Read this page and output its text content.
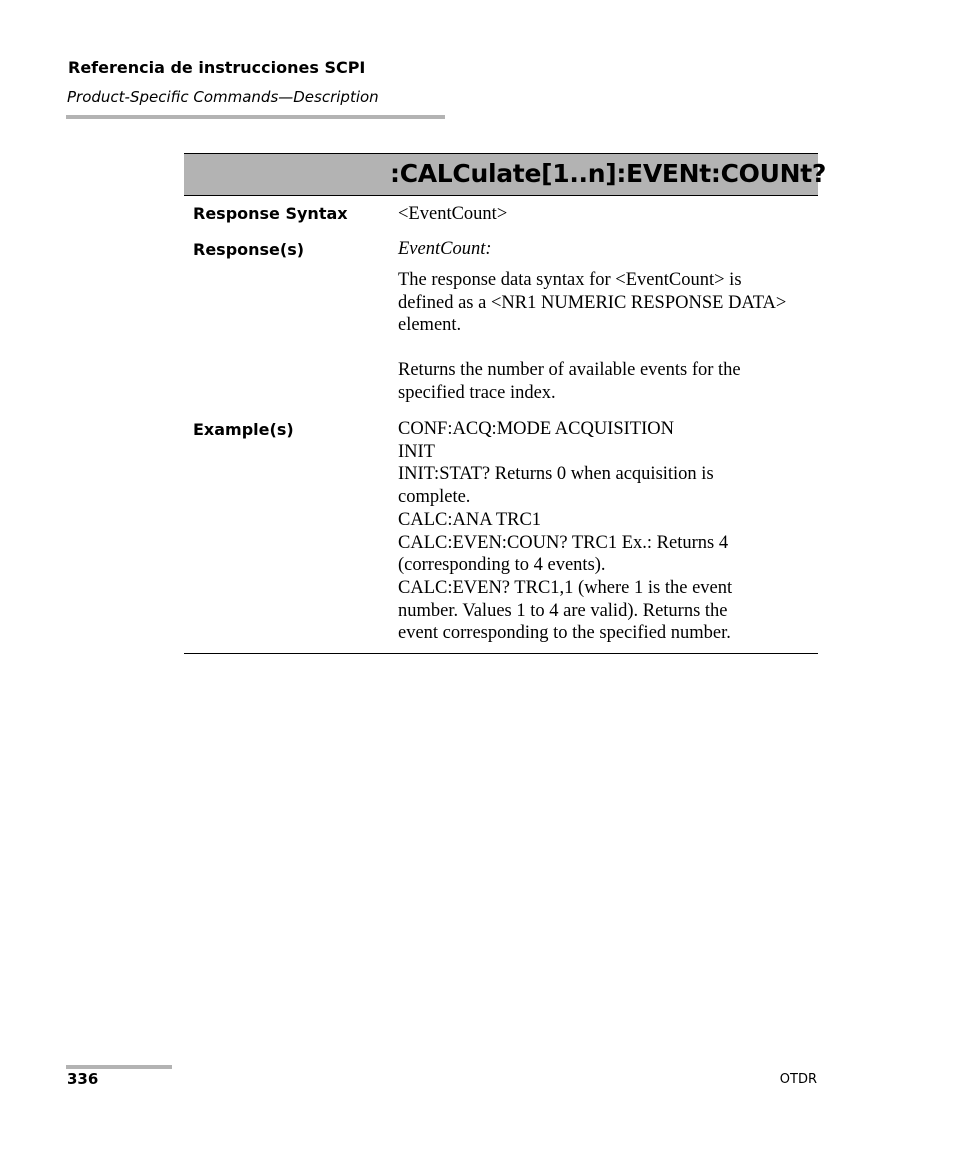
Referencia de instrucciones SCPI
Product-Specific Commands—Description
:CALCulate[1..n]:EVENt:COUNt?
Response Syntax	<EventCount>
Response(s)	EventCount:
The response data syntax for <EventCount> is
defined as a <NR1 NUMERIC RESPONSE DATA>
element.
Returns the number of available events for the
specified trace index.
Example(s)	CONF:ACQ:MODE ACQUISITION
INIT
INIT:STAT? Returns 0 when acquisition is
complete.
CALC:ANA TRC1
CALC:EVEN:COUN? TRC1 Ex.: Returns 4
(corresponding to 4 events).
CALC:EVEN? TRC1,1 (where 1 is the event
number. Values 1 to 4 are valid). Returns the
event corresponding to the specified number.
336	OTDR
